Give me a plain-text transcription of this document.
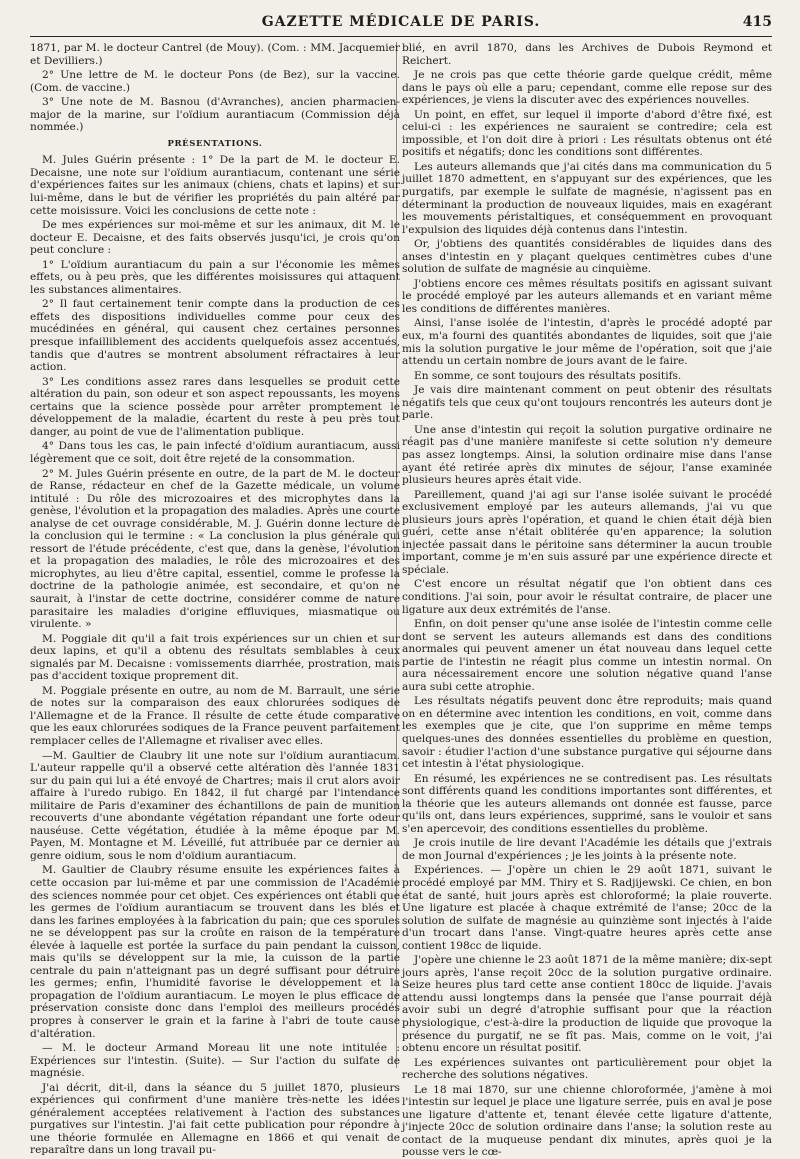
GAZETTE MÉDICALE DE PARIS.	415

1871, par M. le docteur Cantrel (de Mouy). (Com. : MM. Jacquemier et Devilliers.)

2° Une lettre de M. le docteur Pons (de Bez), sur la vaccine. (Com. de vaccine.)

3° Une note de M. Basnou (d'Avranches), ancien pharmacien-major de la marine, sur l'oïdium aurantiacum (Commission déjà nommée.)

PRÉSENTATIONS.

M. Jules Guérin présente : 1° De la part de M. le docteur E. Decaisne, une note sur l'oïdium aurantiacum, contenant une série d'expériences faites sur les animaux (chiens, chats et lapins) et sur lui-même, dans le but de vérifier les propriétés du pain altéré par cette moisissure. Voici les conclusions de cette note :

De mes expériences sur moi-même et sur les animaux, dit M. le docteur E. Decaisne, et des faits observés jusqu'ici, je crois qu'on peut conclure :

1° L'oïdium aurantiacum du pain a sur l'économie les mêmes effets, ou à peu près, que les différentes moisissures qui attaquent les substances alimentaires.

2° Il faut certainement tenir compte dans la production de ces effets des dispositions individuelles comme pour ceux des mucédinées en général, qui causent chez certaines personnes presque infailliblement des accidents quelquefois assez accentués, tandis que d'autres se montrent absolument réfractaires à leur action.

3° Les conditions assez rares dans lesquelles se produit cette altération du pain, son odeur et son aspect repoussants, les moyens certains que la science possède pour arrêter promptement le développement de la maladie, écartent du reste à peu près tout danger, au point de vue de l'alimentation publique.

4° Dans tous les cas, le pain infecté d'oïdium aurantiacum, aussi légèrement que ce soit, doit être rejeté de la consommation.

2° M. Jules Guérin présente en outre, de la part de M. le docteur de Ranse, rédacteur en chef de la Gazette médicale, un volume intitulé : Du rôle des microzoaires et des microphytes dans la genèse, l'évolution et la propagation des maladies. Après une courte analyse de cet ouvrage considérable, M. J. Guérin donne lecture de la conclusion qui le termine : « La conclusion la plus générale qui ressort de l'étude précédente, c'est que, dans la genèse, l'évolution et la propagation des maladies, le rôle des microzoaires et des microphytes, au lieu d'être capital, essentiel, comme le professe la doctrine de la pathologie animée, est secondaire, et qu'on ne saurait, à l'instar de cette doctrine, considérer comme de nature parasitaire les maladies d'origine effluviques, miasmatique ou virulente. »

M. Poggiale dit qu'il a fait trois expériences sur un chien et sur deux lapins, et qu'il a obtenu des résultats semblables à ceux signalés par M. Decaisne : vomissements diarrhée, prostration, mais pas d'accident toxique proprement dit.

M. Poggiale présente en outre, au nom de M. Barrault, une série de notes sur la comparaison des eaux chlorurées sodiques de l'Allemagne et de la France. Il résulte de cette étude comparative que les eaux chlorurées sodiques de la France peuvent parfaitement remplacer celles de l'Allemagne et rivaliser avec elles.

—M. Gaultier de Claubry lit une note sur l'oïdium aurantiacum. L'auteur rappelle qu'il a observé cette altération dès l'année 1831 sur du pain qui lui a été envoyé de Chartres; mais il crut alors avoir affaire à l'uredo rubigo. En 1842, il fut chargé par l'intendance militaire de Paris d'examiner des échantillons de pain de munition recouverts d'une abondante végétation répandant une forte odeur nauséuse. Cette végétation, étudiée à la même époque par M. Payen, M. Montagne et M. Léveillé, fut attribuée par ce dernier au genre oidium, sous le nom d'oïdium aurantiacum.

M. Gaultier de Claubry résume ensuite les expériences faites à cette occasion par lui-même et par une commission de l'Académie des sciences nommée pour cet objet. Ces expériences ont établi que les germes de l'oïdium aurantiacum se trouvent dans les blés et dans les farines employées à la fabrication du pain; que ces sporules ne se développent pas sur la croûte en raison de la température élevée à laquelle est portée la surface du pain pendant la cuisson, mais qu'ils se développent sur la mie, la cuisson de la partie centrale du pain n'atteignant pas un degré suffisant pour détruire les germes; enfin, l'humidité favorise le développement et la propagation de l'oïdium aurantiacum. Le moyen le plus efficace de préservation consiste donc dans l'emploi des meilleurs procédés propres à conserver le grain et la farine à l'abri de toute cause d'altération.

— M. le docteur Armand Moreau lit une note intitulée : Expériences sur l'intestin. (Suite). — Sur l'action du sulfate de magnésie.

J'ai décrit, dit-il, dans la séance du 5 juillet 1870, plusieurs expériences qui confirment d'une manière très-nette les idées généralement acceptées relativement à l'action des substances purgatives sur l'intestin. J'ai fait cette publication pour répondre à une théorie formulée en Allemagne en 1866 et qui venait de reparaître dans un long travail pu-

blié, en avril 1870, dans les Archives de Dubois Reymond et Reichert.

Je ne crois pas que cette théorie garde quelque crédit, même dans le pays où elle a paru; cependant, comme elle repose sur des expériences, je viens la discuter avec des expériences nouvelles.

Un point, en effet, sur lequel il importe d'abord d'être fixé, est celui-ci : les expériences ne sauraient se contredire; cela est impossible, et l'on doit dire à priori : Les résultats obtenus ont été positifs et négatifs; donc les conditions sont différentes.

Les auteurs allemands que j'ai cités dans ma communication du 5 juillet 1870 admettent, en s'appuyant sur des expériences, que les purgatifs, par exemple le sulfate de magnésie, n'agissent pas en déterminant la production de nouveaux liquides, mais en exagérant les mouvements péristaltiques, et conséquemment en provoquant l'expulsion des liquides déjà contenus dans l'intestin.

Or, j'obtiens des quantités considérables de liquides dans des anses d'intestin en y plaçant quelques centimètres cubes d'une solution de sulfate de magnésie au cinquième.

J'obtiens encore ces mêmes résultats positifs en agissant suivant le procédé employé par les auteurs allemands et en variant même les conditions de différentes manières.

Ainsi, l'anse isolée de l'intestin, d'après le procédé adopté par eux, m'a fourni des quantités abondantes de liquides, soit que j'aie mis la solution purgative le jour même de l'opération, soit que j'aie attendu un certain nombre de jours avant de le faire.

En somme, ce sont toujours des résultats positifs.

Je vais dire maintenant comment on peut obtenir des résultats négatifs tels que ceux qu'ont toujours rencontrés les auteurs dont je parle.

Une anse d'intestin qui reçoit la solution purgative ordinaire ne réagit pas d'une manière manifeste si cette solution n'y demeure pas assez longtemps. Ainsi, la solution ordinaire mise dans l'anse ayant été retirée après dix minutes de séjour, l'anse examinée plusieurs heures après était vide.

Pareillement, quand j'ai agi sur l'anse isolée suivant le procédé exclusivement employé par les auteurs allemands, j'ai vu que plusieurs jours après l'opération, et quand le chien était déjà bien guéri, cette anse n'était oblitérée qu'en apparence; la solution injectée passait dans le péritoine sans déterminer la aucun trouble important, comme je m'en suis assuré par une expérience directe et spéciale.

C'est encore un résultat négatif que l'on obtient dans ces conditions. J'ai soin, pour avoir le résultat contraire, de placer une ligature aux deux extrémités de l'anse.

Enfin, on doit penser qu'une anse isolée de l'intestin comme celle dont se servent les auteurs allemands est dans des conditions anormales qui peuvent amener un état nouveau dans lequel cette partie de l'intestin ne réagit plus comme un intestin normal. On aura nécessairement encore une solution négative quand l'anse aura subi cette atrophie.

Les résultats négatifs peuvent donc être reproduits; mais quand on en détermine avec intention les conditions, en voit, comme dans les exemples que je cite, que l'on supprime en même temps quelques-unes des données essentielles du problème en question, savoir : étudier l'action d'une substance purgative qui séjourne dans cet intestin à l'état physiologique.

En résumé, les expériences ne se contredisent pas. Les résultats sont différents quand les conditions importantes sont différentes, et la théorie que les auteurs allemands ont donnée est fausse, parce qu'ils ont, dans leurs expériences, supprimé, sans le vouloir et sans s'en apercevoir, des conditions essentielles du problème.

Je crois inutile de lire devant l'Académie les détails que j'extrais de mon Journal d'expériences ; je les joints à la présente note.

Expériences. — J'opère un chien le 29 août 1871, suivant le procédé employé par MM. Thiry et S. Radjijewski. Ce chien, en bon état de santé, huit jours après est chloroformé; la plaie rouverte. Une ligature est placée à chaque extrémité de l'anse; 20cc de la solution de sulfate de magnésie au quinzième sont injectés à l'aide d'un trocart dans l'anse. Vingt-quatre heures après cette anse contient 198cc de liquide.

J'opère une chienne le 23 août 1871 de la même manière; dix-sept jours après, l'anse reçoit 20cc de la solution purgative ordinaire. Seize heures plus tard cette anse contient 180cc de liquide. J'avais attendu aussi longtemps dans la pensée que l'anse pourrait déjà avoir subi un degré d'atrophie suffisant pour que la réaction physiologique, c'est-à-dire la production de liquide que provoque la présence du purgatif, ne se fît pas. Mais, comme on le voit, j'ai obtenu encore un résultat positif.

Les expériences suivantes ont particulièrement pour objet la recherche des solutions négatives.

Le 18 mai 1870, sur une chienne chloroformée, j'amène à moi l'intestin sur lequel je place une ligature serrée, puis en aval je pose une ligature d'attente et, tenant élevée cette ligature d'attente, j'injecte 20cc de solution ordinaire dans l'anse; la solution reste au contact de la muqueuse pendant dix minutes, après quoi je la pousse vers le cœ-
